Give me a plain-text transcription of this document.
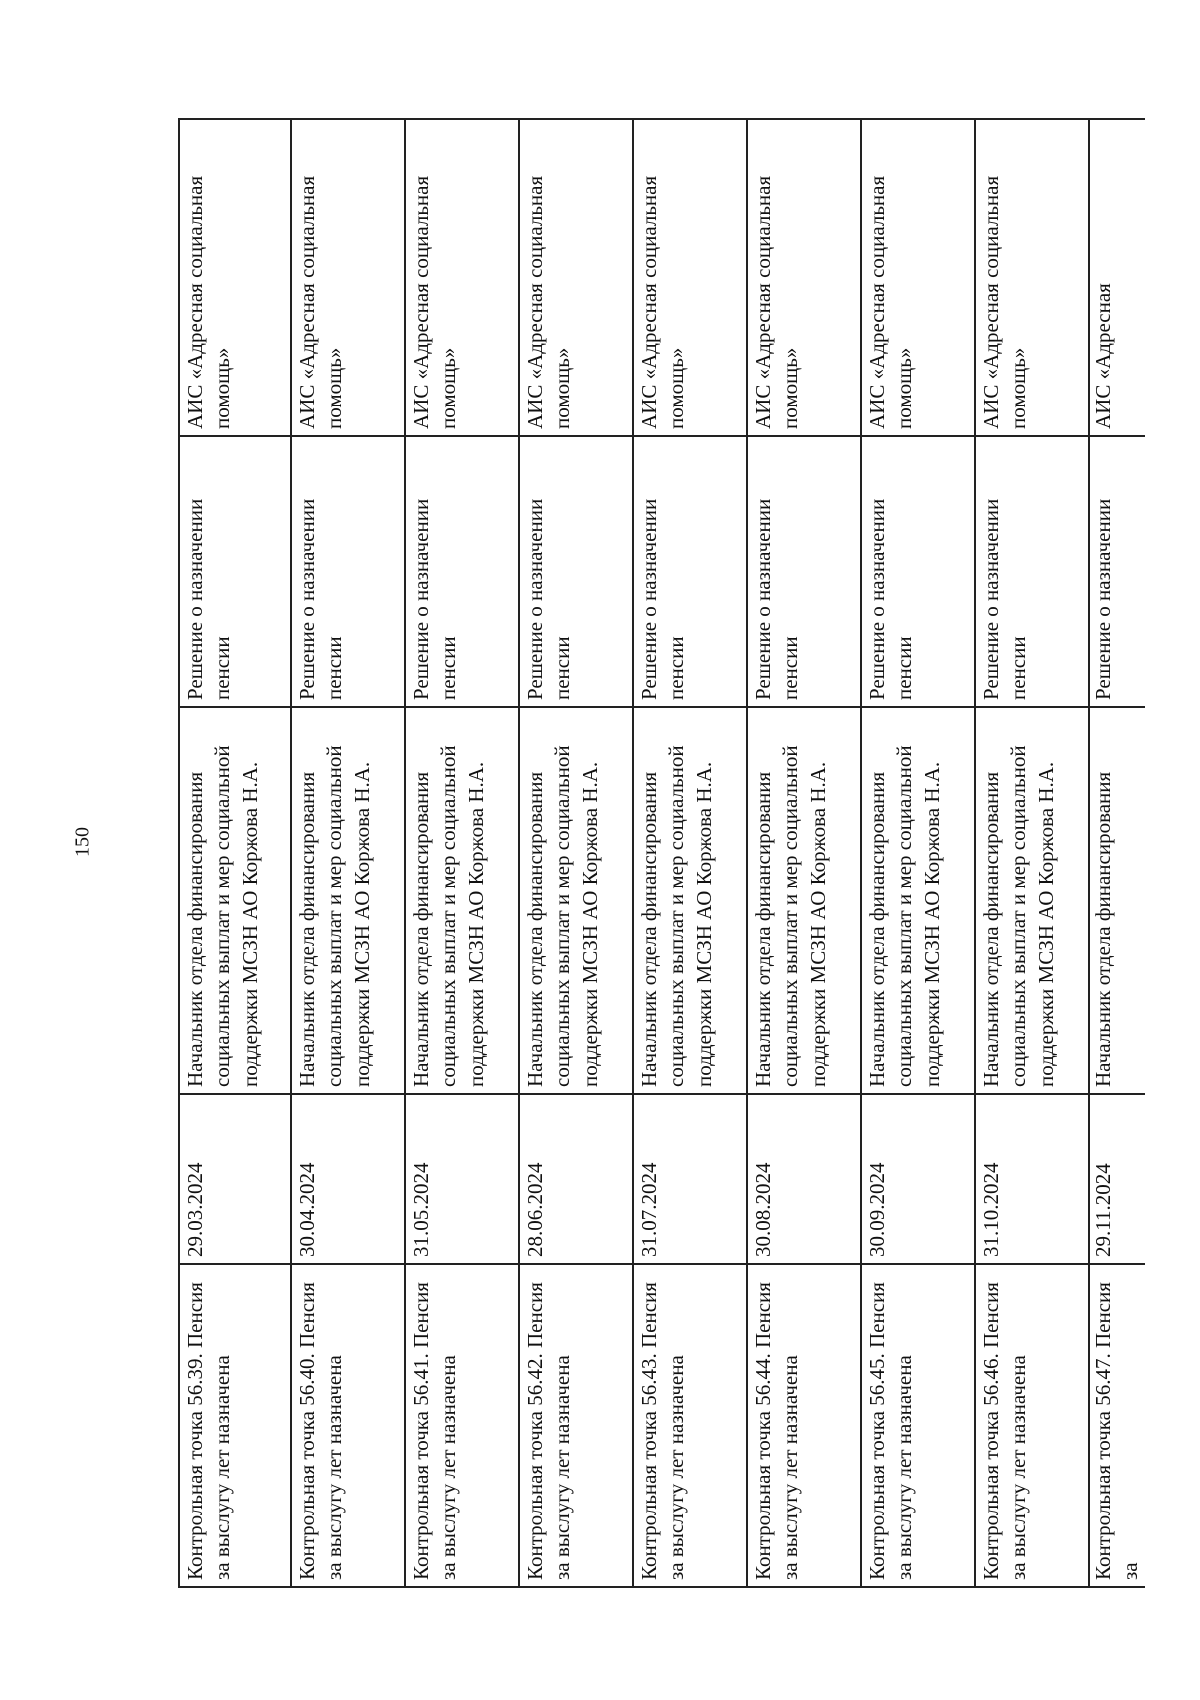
150
Контрольная точка 56.39. Пенсия за выслугу лет назначена	29.03.2024	Начальник отдела финансирования социальных выплат и мер социальной поддержки МСЗН АО Коржова Н.А.	Решение о назначении пенсии	АИС «Адресная социальная помощь»
Контрольная точка 56.40. Пенсия за выслугу лет назначена	30.04.2024	Начальник отдела финансирования социальных выплат и мер социальной поддержки МСЗН АО Коржова Н.А.	Решение о назначении пенсии	АИС «Адресная социальная помощь»
Контрольная точка 56.41. Пенсия за выслугу лет назначена	31.05.2024	Начальник отдела финансирования социальных выплат и мер социальной поддержки МСЗН АО Коржова Н.А.	Решение о назначении пенсии	АИС «Адресная социальная помощь»
Контрольная точка 56.42. Пенсия за выслугу лет назначена	28.06.2024	Начальник отдела финансирования социальных выплат и мер социальной поддержки МСЗН АО Коржова Н.А.	Решение о назначении пенсии	АИС «Адресная социальная помощь»
Контрольная точка 56.43. Пенсия за выслугу лет назначена	31.07.2024	Начальник отдела финансирования социальных выплат и мер социальной поддержки МСЗН АО Коржова Н.А.	Решение о назначении пенсии	АИС «Адресная социальная помощь»
Контрольная точка 56.44. Пенсия за выслугу лет назначена	30.08.2024	Начальник отдела финансирования социальных выплат и мер социальной поддержки МСЗН АО Коржова Н.А.	Решение о назначении пенсии	АИС «Адресная социальная помощь»
Контрольная точка 56.45. Пенсия за выслугу лет назначена	30.09.2024	Начальник отдела финансирования социальных выплат и мер социальной поддержки МСЗН АО Коржова Н.А.	Решение о назначении пенсии	АИС «Адресная социальная помощь»
Контрольная точка 56.46. Пенсия за выслугу лет назначена	31.10.2024	Начальник отдела финансирования социальных выплат и мер социальной поддержки МСЗН АО Коржова Н.А.	Решение о назначении пенсии	АИС «Адресная социальная помощь»
Контрольная точка 56.47. Пенсия за	29.11.2024	Начальник отдела финансирования	Решение о назначении	АИС «Адресная
